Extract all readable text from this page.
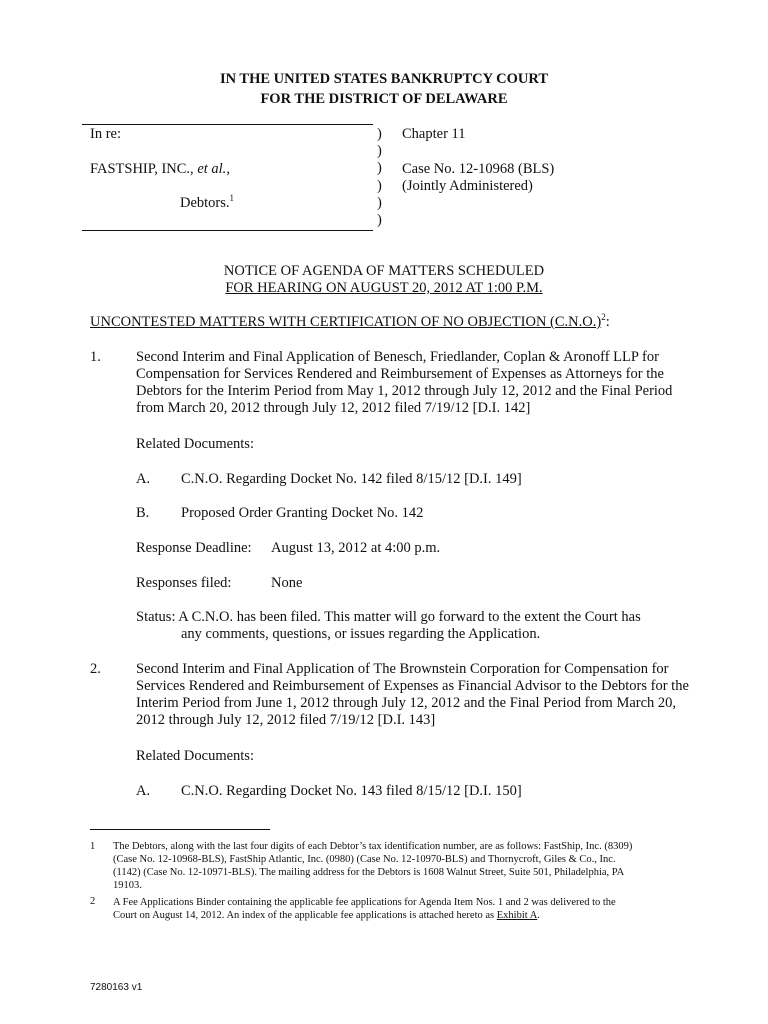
IN THE UNITED STATES BANKRUPTCY COURT
FOR THE DISTRICT OF DELAWARE
In re:
FASTSHIP, INC., et al.,
Debtors.$^1$
)
)
)
)
)
)
Chapter 11
Case No. 12-10968 (BLS)
(Jointly Administered)
NOTICE OF AGENDA OF MATTERS SCHEDULED
FOR HEARING ON AUGUST 20, 2012 AT 1:00 P.M.
UNCONTESTED MATTERS WITH CERTIFICATION OF NO OBJECTION $(C.N.O.)^2$:
1. Second Interim and Final Application of Benesch, Friedlander, Coplan & Aronoff LLP for
Compensation for Services Rendered and Reimbursement of Expenses as Attorneys for the
Debtors for the Interim Period from May 1, 2012 through July 12, 2012 and the Final Period
from March 20, 2012 through July 12, 2012 filed 7/19/12 [D.I. 142]
Related Documents:
A. C.N.O. Regarding Docket No. 142 filed 8/15/12 [D.I. 149]
B. Proposed Order Granting Docket No. 142
Response Deadline: August 13, 2012 at 4:00 p.m.
Responses filed:	None
Status: A C.N.O. has been filed. This matter will go forward to the extent the Court has
any comments, questions, or issues regarding the Application.
2. Second Interim and Final Application of The Brownstein Corporation for Compensation for
Services Rendered and Reimbursement of Expenses as Financial Advisor to the Debtors for the
Interim Period from June 1, 2012 through July 12, 2012 and the Final Period from March 20,
2012 through July 12, 2012 filed 7/19/12 [D.I. 143]
Related Documents:
A. C.N.O. Regarding Docket No. 143 filed 8/15/12 [D.I. 150]
1 The Debtors, along with the last four digits of each Debtor’s tax identification number, are as follows: FastShip, Inc. (8309)
(Case No. 12-10968-BLS), FastShip Atlantic, Inc. (0980) (Case No. 12-10970-BLS) and Thornycroft, Giles & Co., Inc.
(1142) (Case No. 12-10971-BLS). The mailing address for the Debtors is 1608 Walnut Street, Suite 501, Philadelphia, PA
19103.
2 A Fee Applications Binder containing the applicable fee applications for Agenda Item Nos. 1 and 2 was delivered to the
Court on August 14, 2012. An index of the applicable fee applications is attached hereto as Exhibit A.
7280163 v1
